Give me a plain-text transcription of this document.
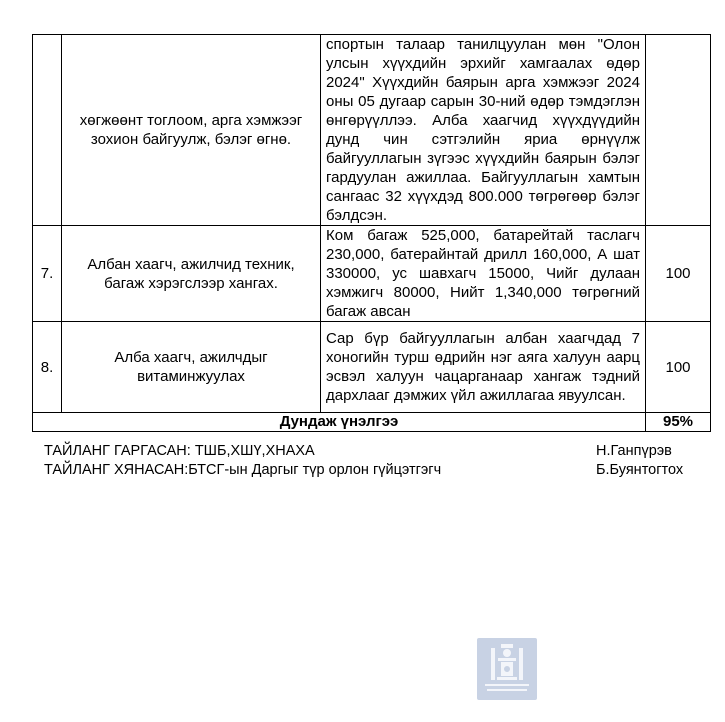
	хөгжөөнт тоглоом, арга хэмжээг зохион байгуулж, бэлэг өгнө.	спортын талаар танилцуулан мөн "Олон улсын хүүхдийн эрхийг хамгаалах өдөр 2024" Хүүхдийн баярын арга хэмжээг 2024 оны 05 дугаар сарын 30-ний өдөр тэмдэглэн өнгөрүүллээ. Алба хаагчид хүүхдүүдийн дунд чин сэтгэлийн яриа өрнүүлж байгууллагын зүгээс хүүхдийн баярын бэлэг гардуулан ажиллаа. Байгууллагын хамтын сангаас 32 хүүхдэд 800.000 төгрөгөөр бэлэг бэлдсэн.	
7.	Албан хаагч, ажилчид техник, багаж хэрэгслээр хангах.	Ком багаж 525,000, батарейтай таслагч 230,000, батерайнтай дрилл 160,000, А шат 330000, ус шавхагч 15000, Чийг дулаан хэмжигч 80000, Нийт 1,340,000 төгрөгний багаж авсан	100
8.	Алба хаагч, ажилчдыг витаминжуулах	Сар бүр байгууллагын албан хаагчдад 7 хоногийн турш өдрийн нэг аяга халуун аарц эсвэл халуун чацарганаар хангаж тэдний дархлааг дэмжих үйл ажиллагаа явуулсан.	100
Дундаж үнэлгээ			95%
ТАЙЛАНГ ГАРГАСАН: ТШБ,ХШҮ,ХНАХА	Н.Ганпүрэв
ТАЙЛАНГ ХЯНАСАН:БТСГ-ын Даргыг түр орлон гүйцэтгэгч	Б.Буянтогтох
